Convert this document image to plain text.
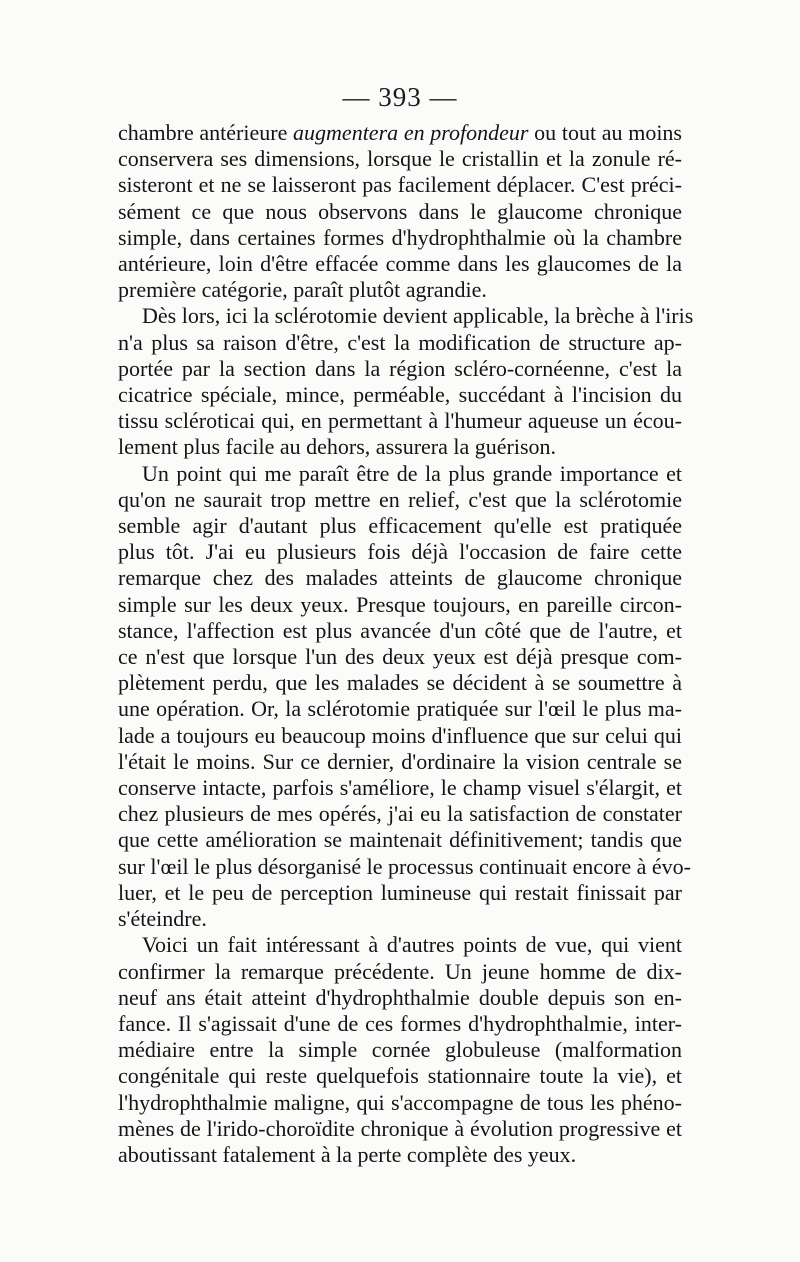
— 393 —
chambre antérieure augmentera en profondeur ou tout au moins
conservera ses dimensions, lorsque le cristallin et la zonule ré-
sisteront et ne se laisseront pas facilement déplacer. C'est préci-
sément ce que nous observons dans le glaucome chronique
simple, dans certaines formes d'hydrophthalmie où la chambre
antérieure, loin d'être effacée comme dans les glaucomes de la
première catégorie, paraît plutôt agrandie.
Dès lors, ici la sclérotomie devient applicable, la brèche à l'iris
n'a plus sa raison d'être, c'est la modification de structure ap-
portée par la section dans la région scléro-cornéenne, c'est la
cicatrice spéciale, mince, perméable, succédant à l'incision du
tissu scléroticai qui, en permettant à l'humeur aqueuse un écou-
lement plus facile au dehors, assurera la guérison.
Un point qui me paraît être de la plus grande importance et
qu'on ne saurait trop mettre en relief, c'est que la sclérotomie
semble agir d'autant plus efficacement qu'elle est pratiquée
plus tôt. J'ai eu plusieurs fois déjà l'occasion de faire cette
remarque chez des malades atteints de glaucome chronique
simple sur les deux yeux. Presque toujours, en pareille circon-
stance, l'affection est plus avancée d'un côté que de l'autre, et
ce n'est que lorsque l'un des deux yeux est déjà presque com-
plètement perdu, que les malades se décident à se soumettre à
une opération. Or, la sclérotomie pratiquée sur l'œil le plus ma-
lade a toujours eu beaucoup moins d'influence que sur celui qui
l'était le moins. Sur ce dernier, d'ordinaire la vision centrale se
conserve intacte, parfois s'améliore, le champ visuel s'élargit, et
chez plusieurs de mes opérés, j'ai eu la satisfaction de constater
que cette amélioration se maintenait définitivement; tandis que
sur l'œil le plus désorganisé le processus continuait encore à évo-
luer, et le peu de perception lumineuse qui restait finissait par
s'éteindre.
Voici un fait intéressant à d'autres points de vue, qui vient
confirmer la remarque précédente. Un jeune homme de dix-
neuf ans était atteint d'hydrophthalmie double depuis son en-
fance. Il s'agissait d'une de ces formes d'hydrophthalmie, inter-
médiaire entre la simple cornée globuleuse (malformation
congénitale qui reste quelquefois stationnaire toute la vie), et
l'hydrophthalmie maligne, qui s'accompagne de tous les phéno-
mènes de l'irido-choroïdite chronique à évolution progressive et
aboutissant fatalement à la perte complète des yeux.
